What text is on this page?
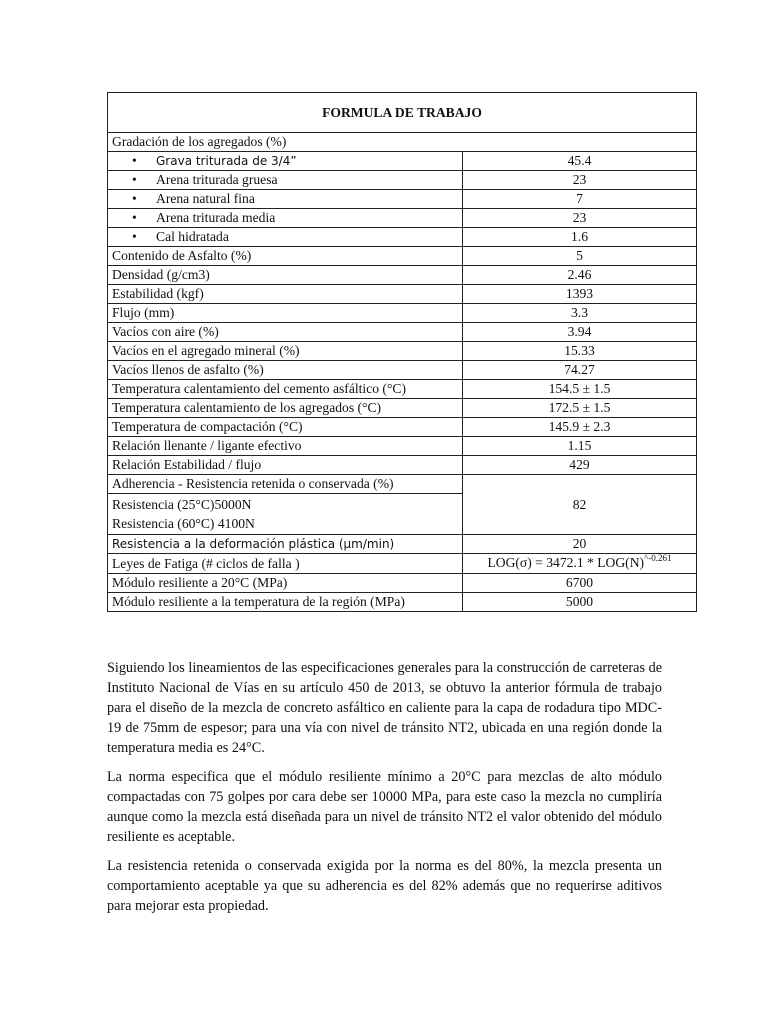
FORMULA DE TRABAJO	
Gradación de los agregados (%)	
• Grava triturada de 3/4”	45.4
• Arena triturada gruesa	23
• Arena natural fina	7
• Arena triturada media	23
• Cal hidratada	1.6
Contenido de Asfalto (%)	5
Densidad (g/cm3)	2.46
Estabilidad (kgf)	1393
Flujo (mm)	3.3
Vacíos con aire (%)	3.94
Vacíos en el agregado mineral (%)	15.33
Vacíos llenos de asfalto (%)	74.27
Temperatura calentamiento del cemento asfáltico (°C)	154.5 ± 1.5
Temperatura calentamiento de los agregados (°C)	172.5 ± 1.5
Temperatura de compactación (°C)	145.9 ± 2.3
Relación llenante / ligante efectivo	1.15
Relación Estabilidad / flujo	429
Adherencia - Resistencia retenida o conservada (%)	82

Resistencia (25°C)5000N
Resistencia (60°C) 4100N	

Resistencia a la deformación plástica (μm/min)	20
Leyes de Fatiga (# ciclos de falla )	$LOG(\sigma) = 3472.1 * LOG(N)^{\^{}-0.261}$
Módulo resiliente a 20°C (MPa)	6700
Módulo resiliente a la temperatura de la región (MPa)	5000

Siguiendo los lineamientos de las especificaciones generales para la construcción de carreteras de Instituto Nacional de Vías en su artículo 450 de 2013, se obtuvo la anterior fórmula de trabajo para el diseño de la mezcla de concreto asfáltico en caliente para la capa de rodadura tipo MDC-19 de 75mm de espesor; para una vía con nivel de tránsito NT2, ubicada en una región donde la temperatura media es 24°C.

La norma especifica que el módulo resiliente mínimo a 20°C para mezclas de alto módulo compactadas con 75 golpes por cara debe ser 10000 MPa, para este caso la mezcla no cumpliría aunque como la mezcla está diseñada para un nivel de tránsito NT2 el valor obtenido del módulo resiliente es aceptable.

La resistencia retenida o conservada exigida por la norma es del 80%, la mezcla presenta un comportamiento aceptable ya que su adherencia es del 82% además que no requerirse aditivos para mejorar esta propiedad.
